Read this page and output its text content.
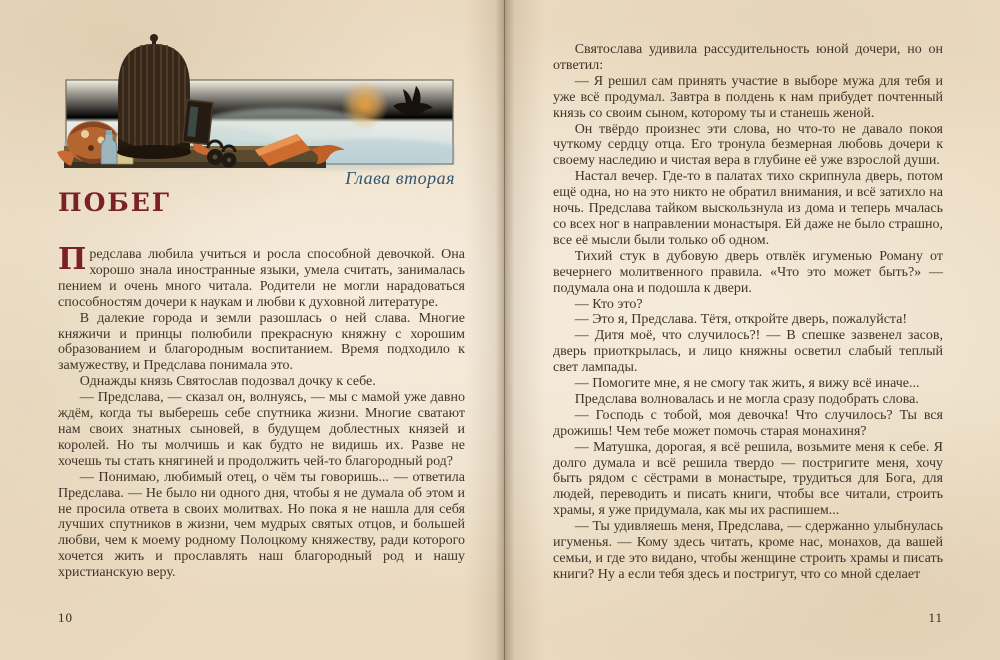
Глава вторая
ПОБЕГ

Предслава любила учиться и росла способной девочкой. Она хорошо знала иностранные языки, умела считать, занималась пением и очень много читала. Родители не могли нарадоваться способностям дочери к наукам и любви к духовной литературе.

В далекие города и земли разошлась о ней слава. Многие княжичи и принцы полюбили прекрасную княжну с хорошим образованием и благородным воспитанием. Время подходило к замужеству, и Предслава понимала это.

Однажды князь Святослав подозвал дочку к себе.

— Предслава, — сказал он, волнуясь, — мы с мамой уже давно ждём, когда ты выберешь себе спутника жизни. Многие сватают нам своих знатных сыновей, в будущем доблестных князей и королей. Но ты молчишь и как будто не видишь их. Разве не хочешь ты стать княгиней и продолжить чей-то благородный род?

— Понимаю, любимый отец, о чём ты говоришь... — ответила Предслава. — Не было ни одного дня, чтобы я не думала об этом и не просила ответа в своих молитвах. Но пока я не нашла для себя лучших спутников в жизни, чем мудрых святых отцов, и большей любви, чем к моему родному Полоцкому княжеству, ради которого хочется жить и прославлять наш благородный род и нашу христианскую веру.

10

Святослава удивила рассудительность юной дочери, но он ответил:

— Я решил сам принять участие в выборе мужа для тебя и уже всё продумал. Завтра в полдень к нам прибудет почтенный князь со своим сыном, которому ты и станешь женой.

Он твёрдо произнес эти слова, но что-то не давало покоя чуткому сердцу отца. Его тронула безмерная любовь дочери к своему наследию и чистая вера в глубине её уже взрослой души.

Настал вечер. Где-то в палатах тихо скрипнула дверь, потом ещё одна, но на это никто не обратил внимания, и всё затихло на ночь. Предслава тайком выскользнула из дома и теперь мчалась со всех ног в направлении монастыря. Ей даже не было страшно, все её мысли были только об одном.

Тихий стук в дубовую дверь отвлёк игуменью Роману от вечернего молитвенного правила. «Что это может быть?» — подумала она и подошла к двери.

— Кто это?

— Это я, Предслава. Тётя, откройте дверь, пожалуйста!

— Дитя моё, что случилось?! — В спешке зазвенел засов, дверь приоткрылась, и лицо княжны осветил слабый теплый свет лампады.

— Помогите мне, я не смогу так жить, я вижу всё иначе...

Предслава волновалась и не могла сразу подобрать слова.

— Господь с тобой, моя девочка! Что случилось? Ты вся дрожишь! Чем тебе может помочь старая монахиня?

— Матушка, дорогая, я всё решила, возьмите меня к себе. Я долго думала и всё решила твердо — постригите меня, хочу быть рядом с сёстрами в монастыре, трудиться для Бога, для людей, переводить и писать книги, чтобы все читали, строить храмы, я уже придумала, как мы их распишем...

— Ты удивляешь меня, Предслава, — сдержанно улыбнулась игуменья. — Кому здесь читать, кроме нас, монахов, да вашей семьи, и где это видано, чтобы женщине строить храмы и писать книги? Ну а если тебя здесь и постригут, что со мной сделает

11
